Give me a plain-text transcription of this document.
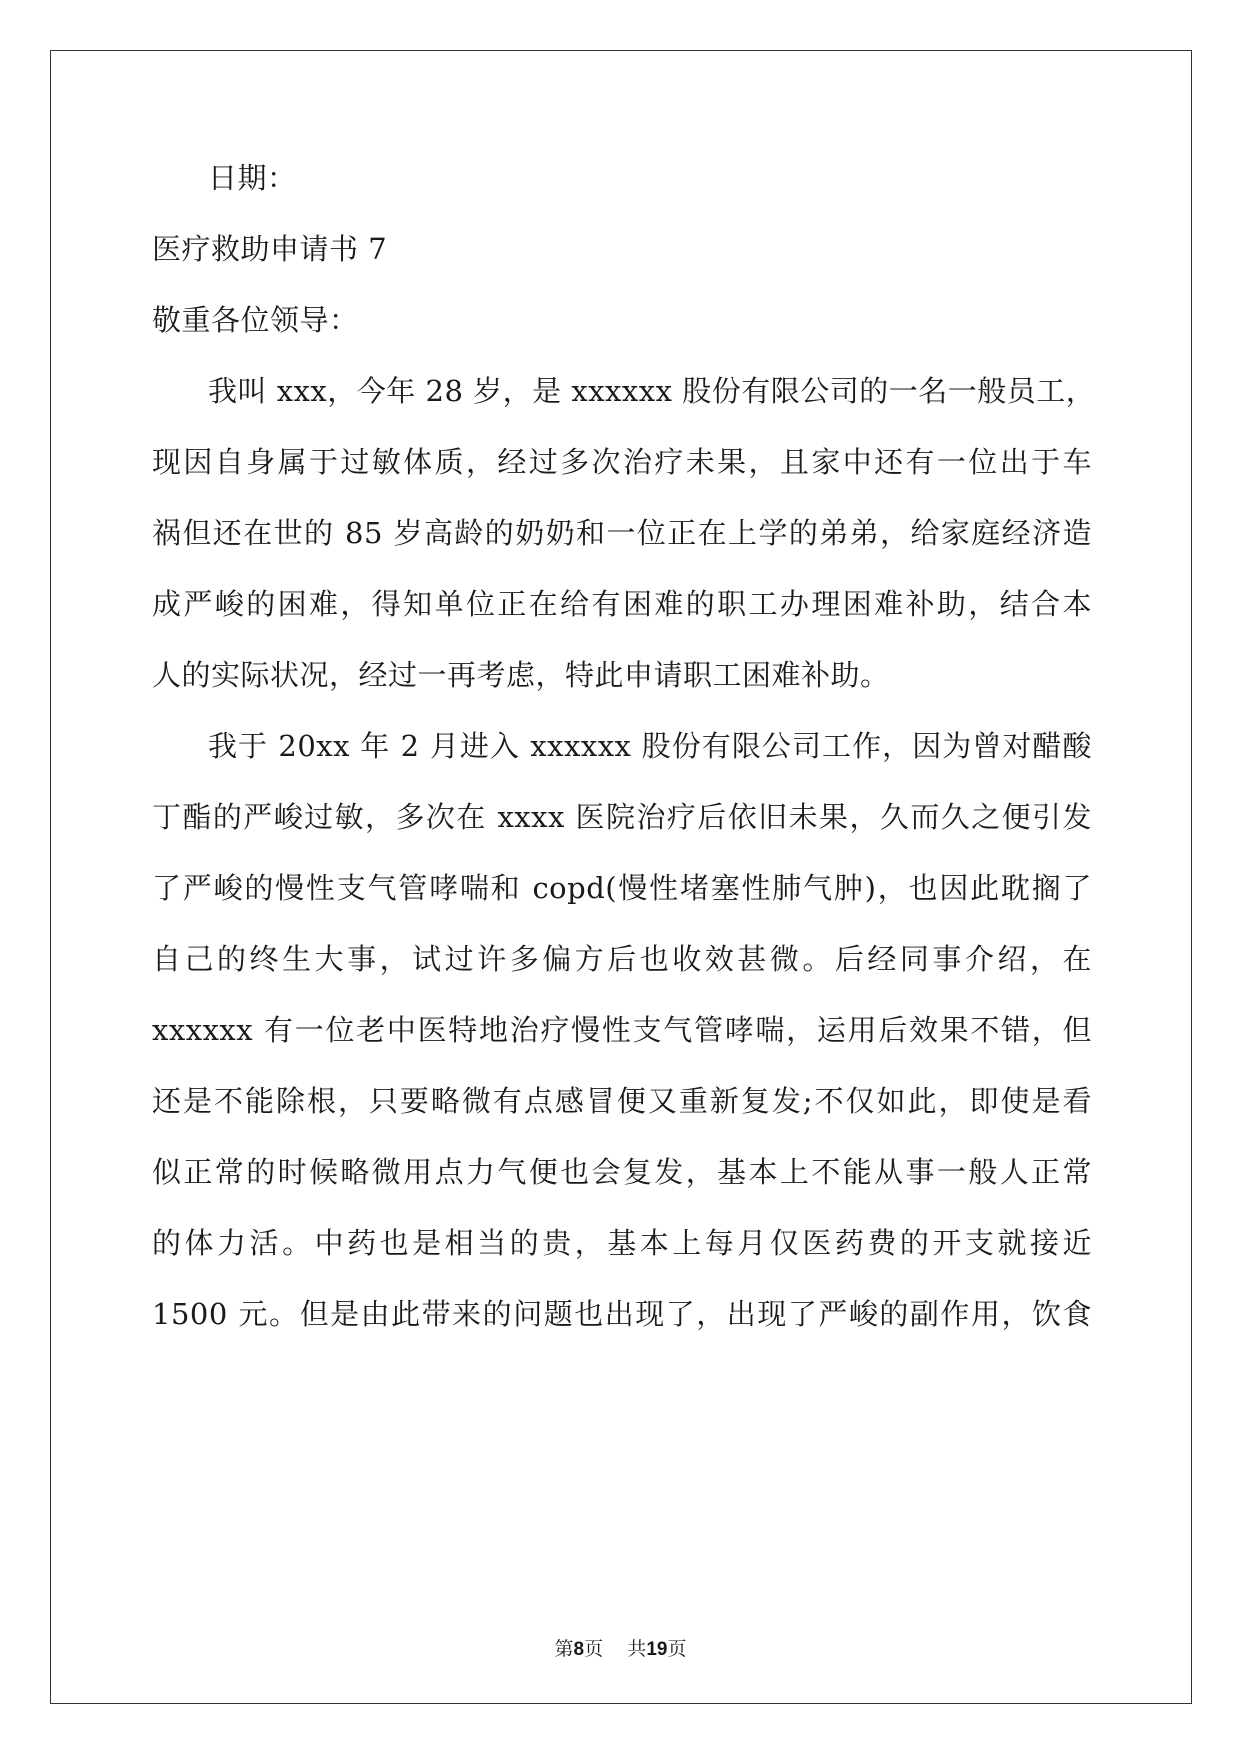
日期：
医疗救助申请书 7
敬重各位领导：
我叫 xxx，今年 28 岁，是 xxxxxx 股份有限公司的一名一般员工，
现因自身属于过敏体质，经过多次治疗未果，且家中还有一位出于车
祸但还在世的 85 岁高龄的奶奶和一位正在上学的弟弟，给家庭经济造
成严峻的困难，得知单位正在给有困难的职工办理困难补助，结合本
人的实际状况，经过一再考虑，特此申请职工困难补助。
我于 20xx 年 2 月进入 xxxxxx 股份有限公司工作，因为曾对醋酸
丁酯的严峻过敏，多次在 xxxx 医院治疗后依旧未果，久而久之便引发
了严峻的慢性支气管哮喘和 copd(慢性堵塞性肺气肿)，也因此耽搁了
自己的终生大事，试过许多偏方后也收效甚微。后经同事介绍，在
xxxxxx 有一位老中医特地治疗慢性支气管哮喘，运用后效果不错，但
还是不能除根，只要略微有点感冒便又重新复发;不仅如此，即使是看
似正常的时候略微用点力气便也会复发，基本上不能从事一般人正常
的体力活。中药也是相当的贵，基本上每月仅医药费的开支就接近
1500 元。但是由此带来的问题也出现了，出现了严峻的副作用，饮食
第8页 共19页
